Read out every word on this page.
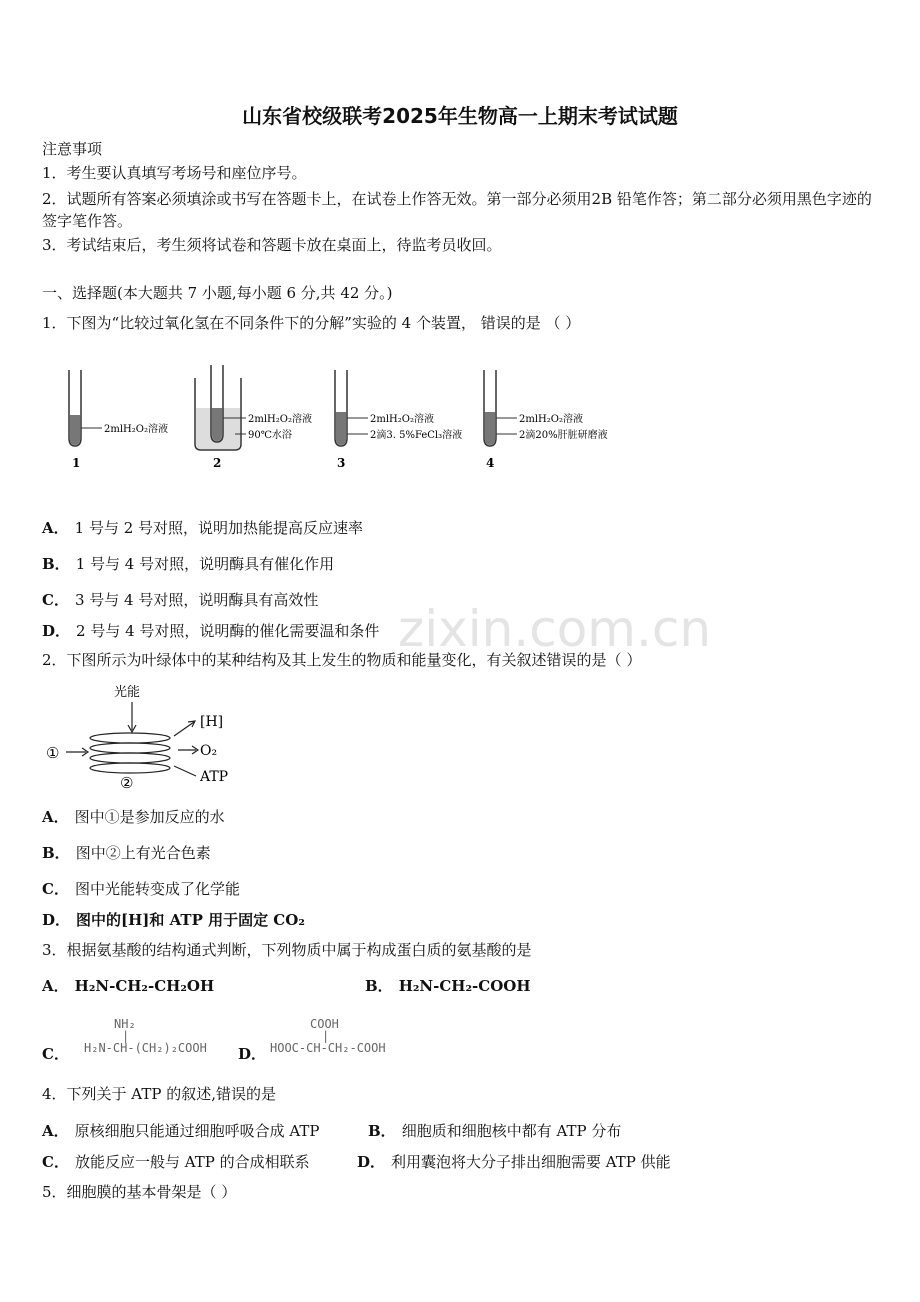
zixin.com.cn
山东省校级联考2025年生物高一上期末考试试题
注意事项
1．考生要认真填写考场号和座位序号。
2．试题所有答案必须填涂或书写在答题卡上，在试卷上作答无效。第一部分必须用2B 铅笔作答；第二部分必须用黑色字迹的签字笔作答。
3．考试结束后，考生须将试卷和答题卡放在桌面上，待监考员收回。
一、选择题(本大题共 7 小题,每小题 6 分,共 42 分。)
1．下图为“比较过氧化氢在不同条件下的分解”实验的 4 个装置， 错误的是 （ ）
2mlH₂O₂溶液
2mlH₂O₂溶液
90℃水浴
2mlH₂O₂溶液
2滴3. 5%FeCl₃溶液
2mlH₂O₂溶液
2滴20%肝脏研磨液
1	2	3	4
A． 1 号与 2 号对照，说明加热能提高反应速率
B． 1 号与 4 号对照，说明酶具有催化作用
C． 3 号与 4 号对照，说明酶具有高效性
D． 2 号与 4 号对照，说明酶的催化需要温和条件
2．下图所示为叶绿体中的某种结构及其上发生的物质和能量变化，有关叙述错误的是（ ）
光能
①
②
[H]
O₂
ATP
A． 图中①是参加反应的水
B． 图中②上有光合色素
C． 图中光能转变成了化学能
D． 图中的[H]和 ATP 用于固定 CO₂
3．根据氨基酸的结构通式判断，下列物质中属于构成蛋白质的氨基酸的是
A． H₂N-CH₂-CH₂OH	B． H₂N-CH₂-COOH
C．
NH₂
|
H₂N-CH-(CH₂)₂COOH D．
COOH
|
HOOC-CH-CH₂-COOH
4．下列关于 ATP 的叙述,错误的是
A． 原核细胞只能通过细胞呼吸合成 ATP	B． 细胞质和细胞核中都有 ATP 分布
C． 放能反应一般与 ATP 的合成相联系	D． 利用囊泡将大分子排出细胞需要 ATP 供能
5．细胞膜的基本骨架是（ ）
